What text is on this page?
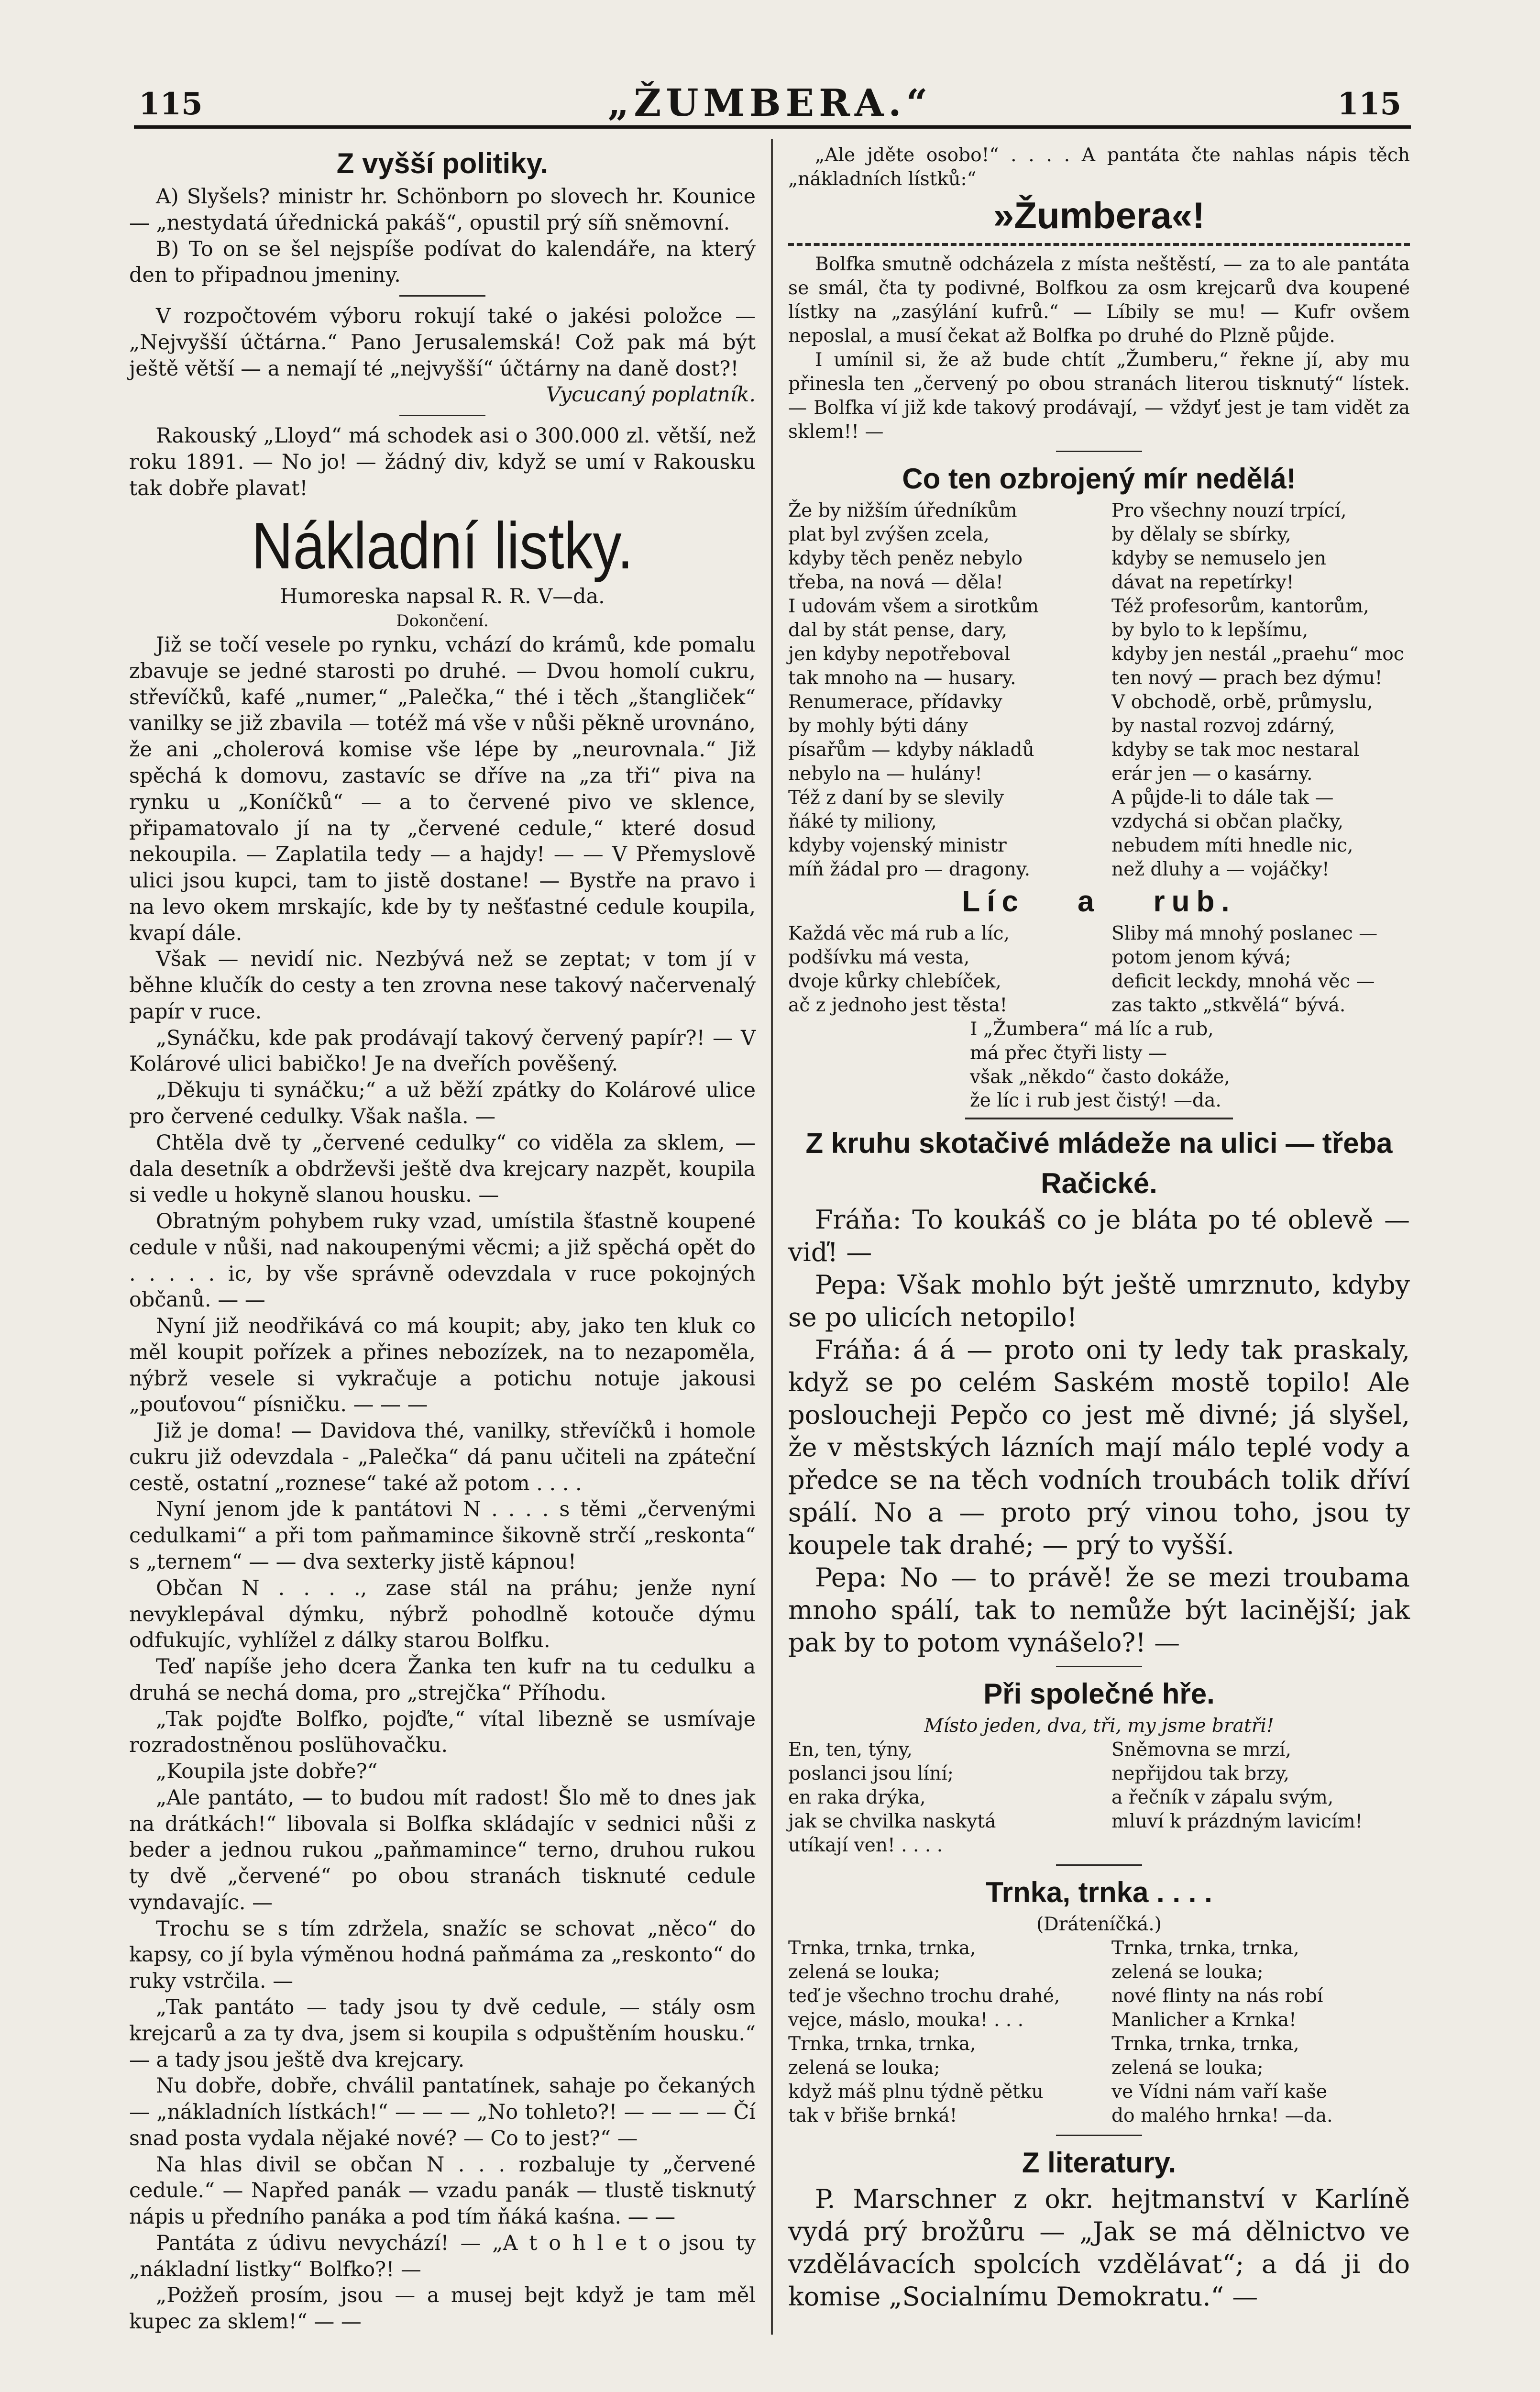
115	„ŽUMBERA.“	115
Z vyšší politiky.

A) Slyšels? ministr hr. Schönborn po slovech hr. Kounice — „nestydatá úřednická pakáš“, opustil prý síň sněmovní.

B) To on se šel nejspíše podívat do kalendáře, na který den to připadnou jmeniny.

V rozpočtovém výboru rokují také o jakési položce — „Nejvyšší účtárna.“ Pano Jerusalemská! Což pak má být ještě větší — a nemají té „nejvyšší“ účtárny na daně dost?!

Vycucaný poplatník.

Rakouský „Lloyd“ má schodek asi o 300.000 zl. větší, než roku 1891. — No jo! — žádný div, když se umí v Rakousku tak dobře plavat!

Nákladní listky.
Humoreska napsal R. R. V—da.
Dokončení.

Již se točí vesele po rynku, vchází do krámů, kde pomalu zbavuje se jedné starosti po druhé. — Dvou homolí cukru, střevíčků, kafé „numer,“ „Palečka,“ thé i těch „štangliček“ vanilky se již zbavila — totéž má vše v nůši pěkně urovnáno, že ani „cholerová komise vše lépe by „neurovnala.“ Již spěchá k domovu, zastavíc se dříve na „za tři“ piva na rynku u „Koníčků“ — a to červené pivo ve sklence, připamatovalo jí na ty „červené cedule,“ které dosud nekoupila. — Zaplatila tedy — a hajdy! — — V Přemyslově ulici jsou kupci, tam to jistě dostane! — Bystře na pravo i na levo okem mrskajíc, kde by ty nešťastné cedule koupila, kvapí dále.

Však — nevidí nic. Nezbývá než se zeptat; v tom jí v běhne klučík do cesty a ten zrovna nese takový načervenalý papír v ruce.

„Synáčku, kde pak prodávají takový červený papír?! — V Kolárové ulici babičko! Je na dveřích pověšený.

„Děkuju ti synáčku;“ a už běží zpátky do Kolárové ulice pro červené cedulky. Však našla. —

Chtěla dvě ty „červené cedulky“ co viděla za sklem, — dala desetník a obdrževši ještě dva krejcary nazpět, koupila si vedle u hokyně slanou housku. —

Obratným pohybem ruky vzad, umístila šťastně koupené cedule v nůši, nad nakoupenými věcmi; a již spěchá opět do . . . . . ic, by vše správně odevzdala v ruce pokojných občanů. — —

Nyní již neodřikává co má koupit; aby, jako ten kluk co měl koupit pořízek a přines nebozízek, na to nezapoměla, nýbrž vesele si vykračuje a potichu notuje jakousi „pouťovou“ písničku. — — —

Již je doma! — Davidova thé, vanilky, střevíčků i homole cukru již odevzdala - „Palečka“ dá panu učiteli na zpáteční cestě, ostatní „roznese“ také až potom . . . .

Nyní jenom jde k pantátovi N . . . . s těmi „červenými cedulkami“ a při tom paňmamince šikovně strčí „reskonta“ s „ternem“ — — dva sexterky jistě kápnou!

Občan N . . . ., zase stál na práhu; jenže nyní nevyklepával dýmku, nýbrž pohodlně kotouče dýmu odfukujíc, vyhlížel z dálky starou Bolfku.

Teď napíše jeho dcera Žanka ten kufr na tu cedulku a druhá se nechá doma, pro „strejčka“ Příhodu.

„Tak pojďte Bolfko, pojďte,“ vítal libezně se usmívaje rozradostněnou poslühovačku.

„Koupila jste dobře?“

„Ale pantáto, — to budou mít radost! Šlo mě to dnes jak na drátkách!“ libovala si Bolfka skládajíc v sednici nůši z beder a jednou rukou „paňmamince“ terno, druhou rukou ty dvě „červené“ po obou stranách tisknuté cedule vyndavajíc. —

Trochu se s tím zdržela, snažíc se schovat „něco“ do kapsy, co jí byla výměnou hodná paňmáma za „reskonto“ do ruky vstrčila. —

„Tak pantáto — tady jsou ty dvě cedule, — stály osm krejcarů a za ty dva, jsem si koupila s odpuštěním housku.“ — a tady jsou ještě dva krejcary.

Nu dobře, dobře, chválil pantatínek, sahaje po čekaných — „nákladních lístkách!“ — — — „No tohleto?! — — — — Čí snad posta vydala nějaké nové? — Co to jest?“ —

Na hlas divil se občan N . . . rozbaluje ty „červené cedule.“ — Napřed panák — vzadu panák — tlustě tisknutý nápis u předního panáka a pod tím ňáká kaśna. — —

Pantáta z údivu nevychází! — „A t o h l e t o jsou ty „nákladní listky“ Bolfko?! —

„Pożžeň prosím, jsou — a musej bejt když je tam měl kupec za sklem!“ — —

„Ale jděte osobo!“ . . . . A pantáta čte nahlas nápis těch „nákladních lístků:“

»Žumbera«!

Bolfka smutně odcházela z místa neštěstí, — za to ale pantáta se smál, čta ty podivné, Bolfkou za osm krejcarů dva koupené lístky na „zasýlání kufrů.“ — Líbily se mu! — Kufr ovšem neposlal, a musí čekat až Bolfka po druhé do Plzně půjde.

I umínil si, že až bude chtít „Žumberu,“ řekne jí, aby mu přinesla ten „červený po obou stranách literou tisknutý“ lístek. — Bolfka ví již kde takový prodávají, — vždyť jest je tam vidět za sklem!! —

Co ten ozbrojený mír nedělá!
Že by nižším úředníkům
plat byl zvýšen zcela,
kdyby těch peněz nebylo
třeba, na nová — děla!
I udovám všem a sirotkům
dal by stát pense, dary,
jen kdyby nepotřeboval
tak mnoho na — husary.
Renumerace, přídavky
by mohly býti dány
písařům — kdyby nákladů
nebylo na — hulány!
Též z daní by se slevily
ňáké ty miliony,
kdyby vojenský ministr
míň žádal pro — dragony.
Pro všechny nouzí trpící,
by dělaly se sbírky,
kdyby se nemuselo jen
dávat na repetírky!
Též profesorům, kantorům,
by bylo to k lepšímu,
kdyby jen nestál „praehu“ moc
ten nový — prach bez dýmu!
V obchodě, orbě, průmyslu,
by nastal rozvoj zdárný,
kdyby se tak moc nestaral
erár jen — o kasárny.
A půjde-li to dále tak —
vzdychá si občan plačky,
nebudem míti hnedle nic,
než dluhy a — vojáčky!
Líc a rub.
Každá věc má rub a líc,
podšívku má vesta,
dvoje kůrky chlebíček,
ač z jednoho jest těsta!
Sliby má mnohý poslanec —
potom jenom kývá;
deficit leckdy, mnohá věc —
zas takto „stkvělá“ bývá.
I „Žumbera“ má líc a rub,
má přec čtyři listy —
však „někdo“ často dokáže,
že líc i rub jest čistý! —da.
Z kruhu skotačivé mládeže na ulici — třeba Račické.

Fráňa: To koukáš co je bláta po té oblevě — viď! —

Pepa: Však mohlo být ještě umrznuto, kdyby se po ulicích netopilo!

Fráňa: á á — proto oni ty ledy tak praskaly, když se po celém Saském mostě topilo! Ale posloucheji Pepčo co jest mě divné; já slyšel, že v městských lázních mají málo teplé vody a předce se na těch vodních troubách tolik dříví spálí. No a — proto prý vinou toho, jsou ty koupele tak drahé; — prý to vyšší.

Pepa: No — to právě! že se mezi troubama mnoho spálí, tak to nemůže být lacinější; jak pak by to potom vynášelo?! —

Při společné hře.
Místo jeden, dva, tři, my jsme bratři!
En, ten, týny,
poslanci jsou líní;
en raka drýka,
jak se chvilka naskytá
utíkají ven! . . . .
Sněmovna se mrzí,
nepřijdou tak brzy,
a řečník v zápalu svým,
mluví k prázdným lavicím!
Trnka, trnka . . . .
(Dráteníčká.)
Trnka, trnka, trnka,
zelená se louka;
teď je všechno trochu drahé,
vejce, máslo, mouka! . . .
Trnka, trnka, trnka,
zelená se louka;
když máš plnu týdně pětku
tak v břiše brnká!
Trnka, trnka, trnka,
zelená se louka;
nové flinty na nás robí
Manlicher a Krnka!
Trnka, trnka, trnka,
zelená se louka;
ve Vídni nám vaří kaše
do malého hrnka! —da.
Z literatury.

P. Marschner z okr. hejtmanství v Karlíně vydá prý brožůru — „Jak se má dělnictvo ve vzdělávacích spolcích vzdělávat“; a dá ji do komise „Socialnímu Demokratu.“ —
